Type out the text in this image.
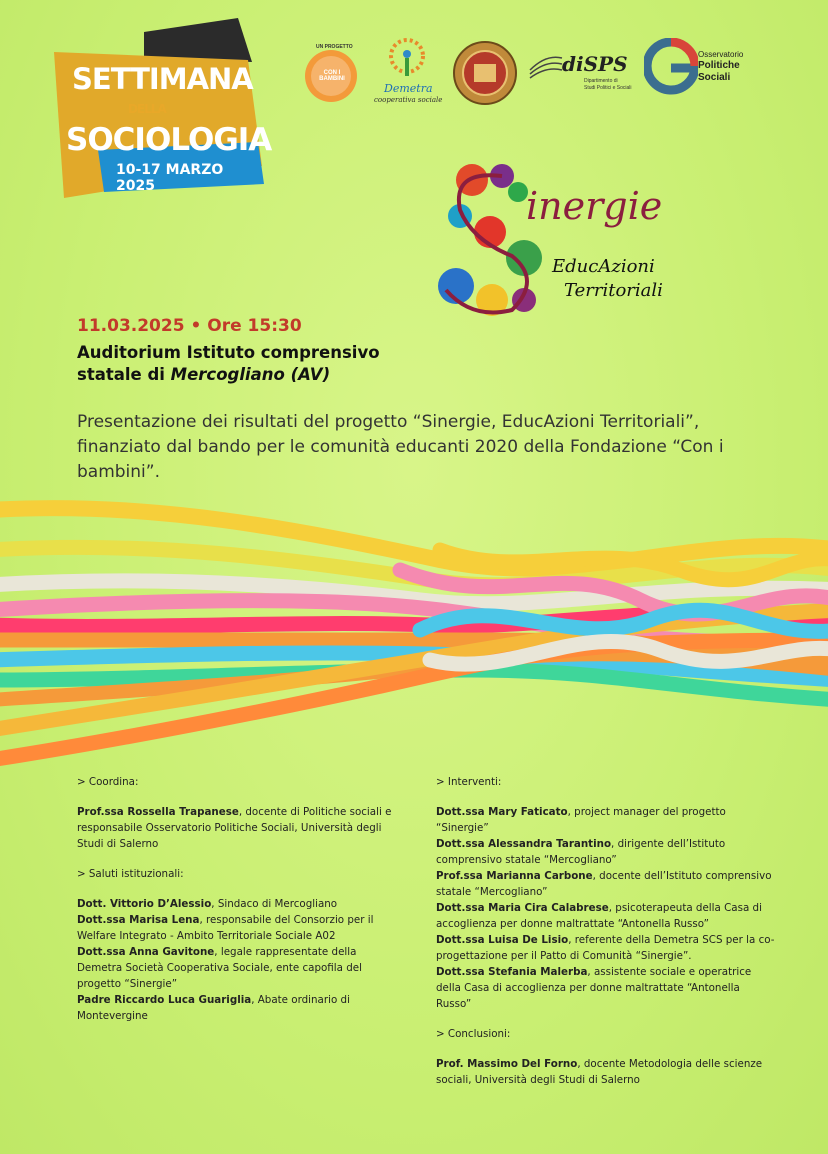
SETTIMANA
DELLA
SOCIOLOGIA
10-17 MARZO 2025
UN PROGETTO
CON I BAMBINI
Demetra
cooperativa sociale
diSPS
Dipartimento di
Studi Politici e Sociali
Osservatorio
Politiche
Sociali
inergie
EducAzioni
Territoriali
11.03.2025 • Ore 15:30
Auditorium Istituto comprensivo
statale di Mercogliano (AV)
Presentazione dei risultati del progetto “Sinergie, EducAzioni Territoriali”, finanziato dal bando per le comunità educanti 2020 della Fondazione “Con i bambini”.

> Coordina:

Prof.ssa Rossella Trapanese, docente di Politiche sociali e responsabile Osservatorio Politiche Sociali, Università degli Studi di Salerno

> Saluti istituzionali:

Dott. Vittorio D’Alessio, Sindaco di Mercogliano

Dott.ssa Marisa Lena, responsabile del Consorzio per il Welfare Integrato - Ambito Territoriale Sociale A02

Dott.ssa Anna Gavitone, legale rappresentate della Demetra Società Cooperativa Sociale, ente capofila del progetto “Sinergie”

Padre Riccardo Luca Guariglia, Abate ordinario di Montevergine

> Interventi:

Dott.ssa Mary Faticato, project manager del progetto “Sinergie”

Dott.ssa Alessandra Tarantino, dirigente dell’Istituto comprensivo statale “Mercogliano”

Prof.ssa Marianna Carbone, docente dell’Istituto comprensivo statale “Mercogliano”

Dott.ssa Maria Cira Calabrese, psicoterapeuta della Casa di accoglienza per donne maltrattate “Antonella Russo”

Dott.ssa Luisa De Lisio, referente della Demetra SCS per la co-progettazione per il Patto di Comunità “Sinergie”.

Dott.ssa Stefania Malerba, assistente sociale e operatrice della Casa di accoglienza per donne maltrattate “Antonella Russo”

> Conclusioni:

Prof. Massimo Del Forno, docente Metodologia delle scienze sociali, Università degli Studi di Salerno
